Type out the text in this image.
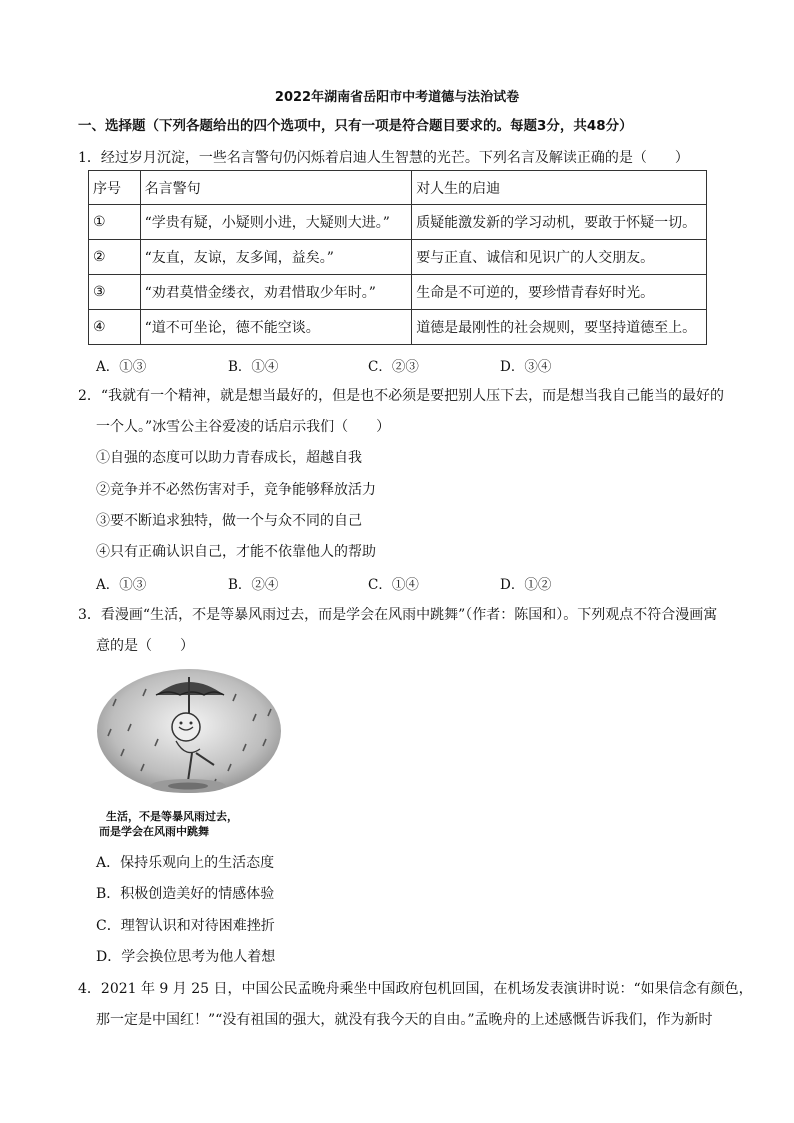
2022年湖南省岳阳市中考道德与法治试卷
一、选择题（下列各题给出的四个选项中，只有一项是符合题目要求的。每题3分，共48分）
1．经过岁月沉淀，一些名言警句仍闪烁着启迪人生智慧的光芒。下列名言及解读正确的是（　　）
序号	名言警句	对人生的启迪
①	“学贵有疑，小疑则小进，大疑则大进。”	质疑能激发新的学习动机，要敢于怀疑一切。
②	“友直，友谅，友多闻，益矣。”	要与正直、诚信和见识广的人交朋友。
③	“劝君莫惜金缕衣，劝君惜取少年时。”	生命是不可逆的，要珍惜青春好时光。
④	“道不可坐论，德不能空谈。	道德是最刚性的社会规则，要坚持道德至上。
A．①③	B．①④	C．②③	D．③④
2．“我就有一个精神，就是想当最好的，但是也不必须是要把别人压下去，而是想当我自己能当的最好的
一个人。”冰雪公主谷爱凌的话启示我们（　　）
①自强的态度可以助力青春成长，超越自我
②竞争并不必然伤害对手，竞争能够释放活力
③要不断追求独特，做一个与众不同的自己
④只有正确认识自己，才能不依靠他人的帮助
A．①③	B．②④	C．①④	D．①②
3．看漫画“生活，不是等暴风雨过去，而是学会在风雨中跳舞”（作者：陈国和）。下列观点不符合漫画寓
意的是（　　）
生活，不是等暴风雨过去，
而是学会在风雨中跳舞
A．保持乐观向上的生活态度
B．积极创造美好的情感体验
C．理智认识和对待困难挫折
D．学会换位思考为他人着想
4．2021 年 9 月 25 日，中国公民孟晚舟乘坐中国政府包机回国，在机场发表演讲时说：“如果信念有颜色，
那一定是中国红！”“没有祖国的强大，就没有我今天的自由。”孟晚舟的上述感慨告诉我们，作为新时
